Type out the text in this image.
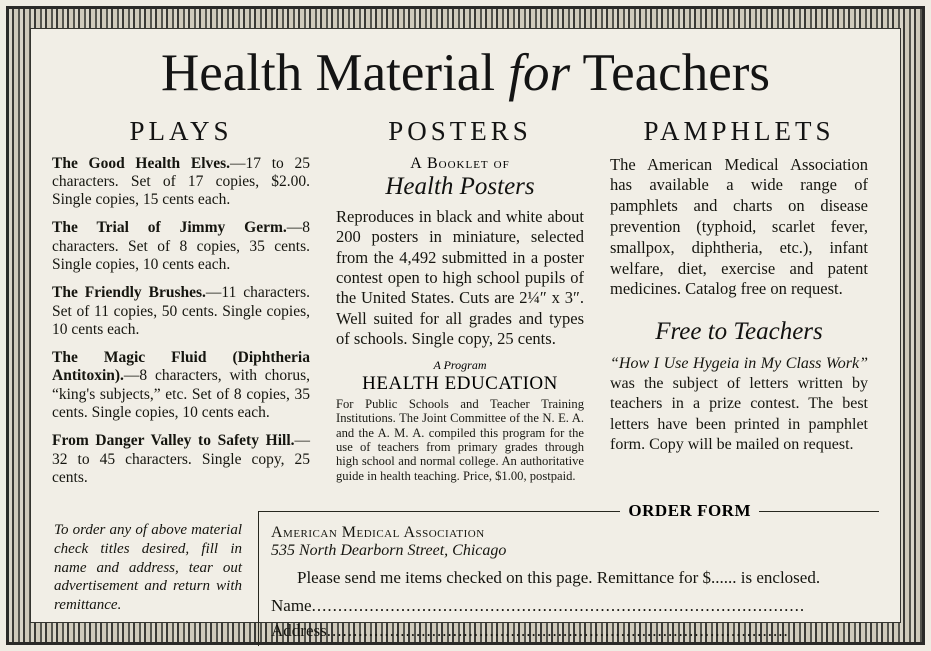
Health Material for Teachers
PLAYS
The Good Health Elves.—17 to 25 characters. Set of 17 copies, $2.00. Single copies, 15 cents each.
The Trial of Jimmy Germ.—8 characters. Set of 8 copies, 35 cents. Single copies, 10 cents each.
The Friendly Brushes.—11 characters. Set of 11 copies, 50 cents. Single copies, 10 cents each.
The Magic Fluid (Diphtheria Antitoxin).—8 characters, with chorus, “king's subjects,” etc. Set of 8 copies, 35 cents. Single copies, 10 cents each.
From Danger Valley to Safety Hill.—32 to 45 characters. Single copy, 25 cents.
POSTERS
A Booklet of
Health Posters
Reproduces in black and white about 200 posters in miniature, selected from the 4,492 submitted in a poster contest open to high school pupils of the United States. Cuts are 2¼″ x 3″. Well suited for all grades and types of schools. Single copy, 25 cents.
A Program
HEALTH EDUCATION
For Public Schools and Teacher Training Institutions. The Joint Committee of the N. E. A. and the A. M. A. compiled this program for the use of teachers from primary grades through high school and normal college. An authoritative guide in health teaching. Price, $1.00, postpaid.
PAMPHLETS
The American Medical Association has available a wide range of pamphlets and charts on disease prevention (typhoid, scarlet fever, smallpox, diphtheria, etc.), infant welfare, diet, exercise and patent medicines. Catalog free on request.
Free to Teachers
“How I Use Hygeia in My Class Work” was the subject of letters written by teachers in a prize contest. The best letters have been printed in pamphlet form. Copy will be mailed on request.
To order any of above material check titles desired, fill in name and address, tear out advertisement and return with remittance.
ORDER FORM
American Medical Association
535 North Dearborn Street, Chicago
Please send me items checked on this page. Remittance for $...... is enclosed.
Name..............................................................................................
Address........................................................................................
